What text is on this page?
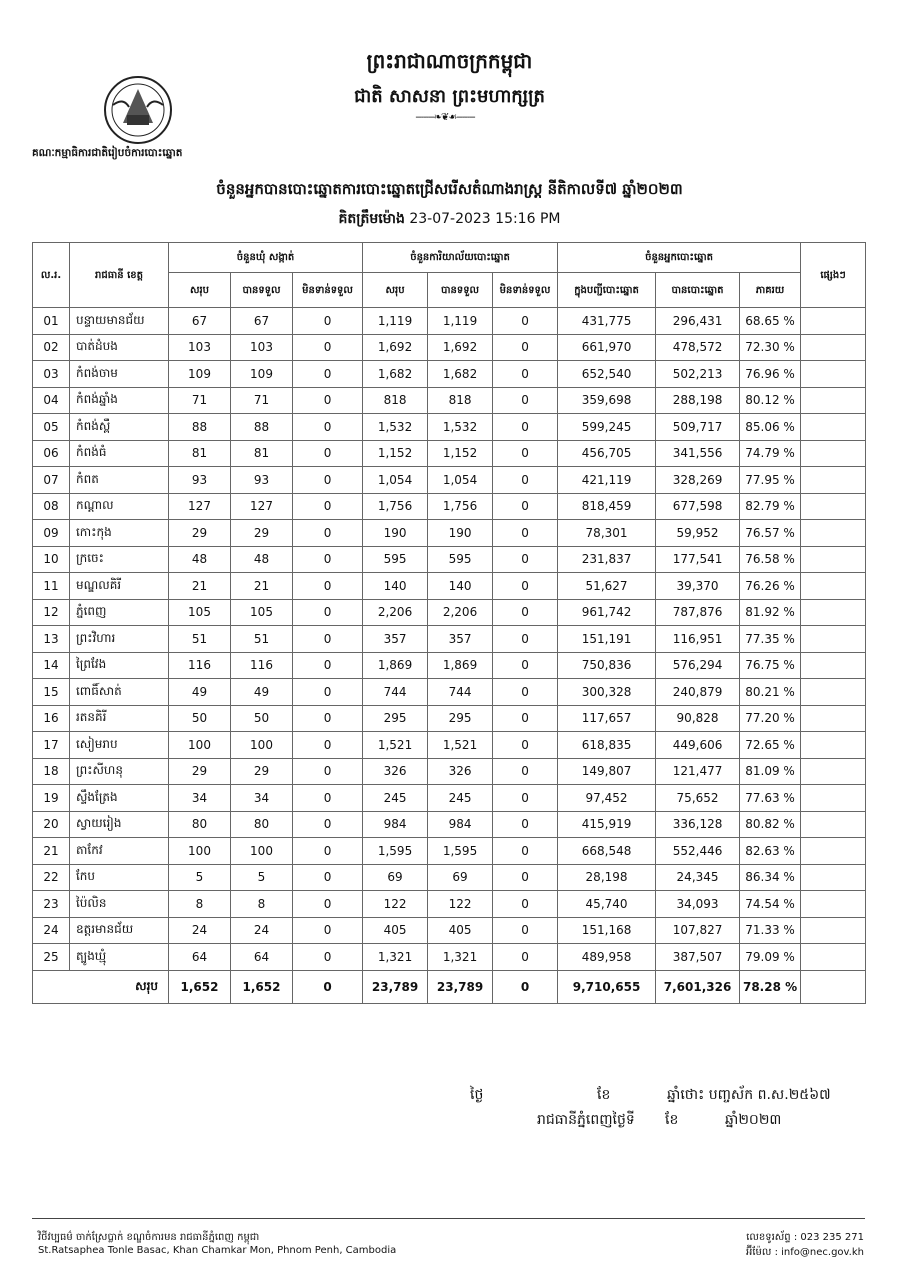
ព្រះរាជាណាចក្រកម្ពុជា
ជាតិ សាសនា ព្រះមហាក្សត្រ
-------❧❦☙-------
គណៈកម្មាធិការជាតិរៀបចំការបោះឆ្នោត
ចំនួនអ្នកបានបោះឆ្នោតការបោះឆ្នោតជ្រើសរើសតំណាងរាស្ត្រ នីតិកាលទី៧ ឆ្នាំ២០២៣
គិតត្រឹមម៉ោង 23-07-2023 15:16 PM
ល.រ.	រាជធានី ខេត្ត	ចំនួនឃុំ សង្កាត់			ចំនួនការិយាល័យបោះឆ្នោត			ចំនួនអ្នកបោះឆ្នោត			ផ្សេងៗ
		សរុប	បានទទួល	មិនទាន់ទទួល	សរុប	បានទទួល	មិនទាន់ទទួល	ក្នុងបញ្ជីបោះឆ្នោត	បានបោះឆ្នោត	ភាគរយ	
01	បន្ទាយមានជ័យ	67	67	0	1,119	1,119	0	431,775	296,431	68.65 %	
02	បាត់ដំបង	103	103	0	1,692	1,692	0	661,970	478,572	72.30 %	
03	កំពង់ចាម	109	109	0	1,682	1,682	0	652,540	502,213	76.96 %	
04	កំពង់ឆ្នាំង	71	71	0	818	818	0	359,698	288,198	80.12 %	
05	កំពង់ស្ពឺ	88	88	0	1,532	1,532	0	599,245	509,717	85.06 %	
06	កំពង់ធំ	81	81	0	1,152	1,152	0	456,705	341,556	74.79 %	
07	កំពត	93	93	0	1,054	1,054	0	421,119	328,269	77.95 %	
08	កណ្តាល	127	127	0	1,756	1,756	0	818,459	677,598	82.79 %	
09	កោះកុង	29	29	0	190	190	0	78,301	59,952	76.57 %	
10	ក្រចេះ	48	48	0	595	595	0	231,837	177,541	76.58 %	
11	មណ្ឌលគិរី	21	21	0	140	140	0	51,627	39,370	76.26 %	
12	ភ្នំពេញ	105	105	0	2,206	2,206	0	961,742	787,876	81.92 %	
13	ព្រះវិហារ	51	51	0	357	357	0	151,191	116,951	77.35 %	
14	ព្រៃវែង	116	116	0	1,869	1,869	0	750,836	576,294	76.75 %	
15	ពោធិ៍សាត់	49	49	0	744	744	0	300,328	240,879	80.21 %	
16	រតនគិរី	50	50	0	295	295	0	117,657	90,828	77.20 %	
17	សៀមរាប	100	100	0	1,521	1,521	0	618,835	449,606	72.65 %	
18	ព្រះសីហនុ	29	29	0	326	326	0	149,807	121,477	81.09 %	
19	ស្ទឹងត្រែង	34	34	0	245	245	0	97,452	75,652	77.63 %	
20	ស្វាយរៀង	80	80	0	984	984	0	415,919	336,128	80.82 %	
21	តាកែវ	100	100	0	1,595	1,595	0	668,548	552,446	82.63 %	
22	កែប	5	5	0	69	69	0	28,198	24,345	86.34 %	
23	ប៉ៃលិន	8	8	0	122	122	0	45,740	34,093	74.54 %	
24	ឧត្តរមានជ័យ	24	24	0	405	405	0	151,168	107,827	71.33 %	
25	ត្បូងឃ្មុំ	64	64	0	1,321	1,321	0	489,958	387,507	79.09 %	
សរុប		1,652	1,652	0	23,789	23,789	0	9,710,655	7,601,326	78.28 %	
ថ្ងៃ	ខែ	ឆ្នាំថោះ បញ្ចស័ក ព.ស.២៥៦៧
រាជធានីភ្នំពេញថ្ងៃទី ខែ	ឆ្នាំ២០២៣
វិថីវប្បធម៌ ចាក់ស្រែប្លាក់ ខណ្ឌចំការមន រាជធានីភ្នំពេញ កម្ពុជា
St.Ratsaphea Tonle Basac, Khan Chamkar Mon, Phnom Penh, Cambodia
លេខទូរស័ព្ទ : 023 235 271
អ៊ីម៉ែល : info@nec.gov.kh
